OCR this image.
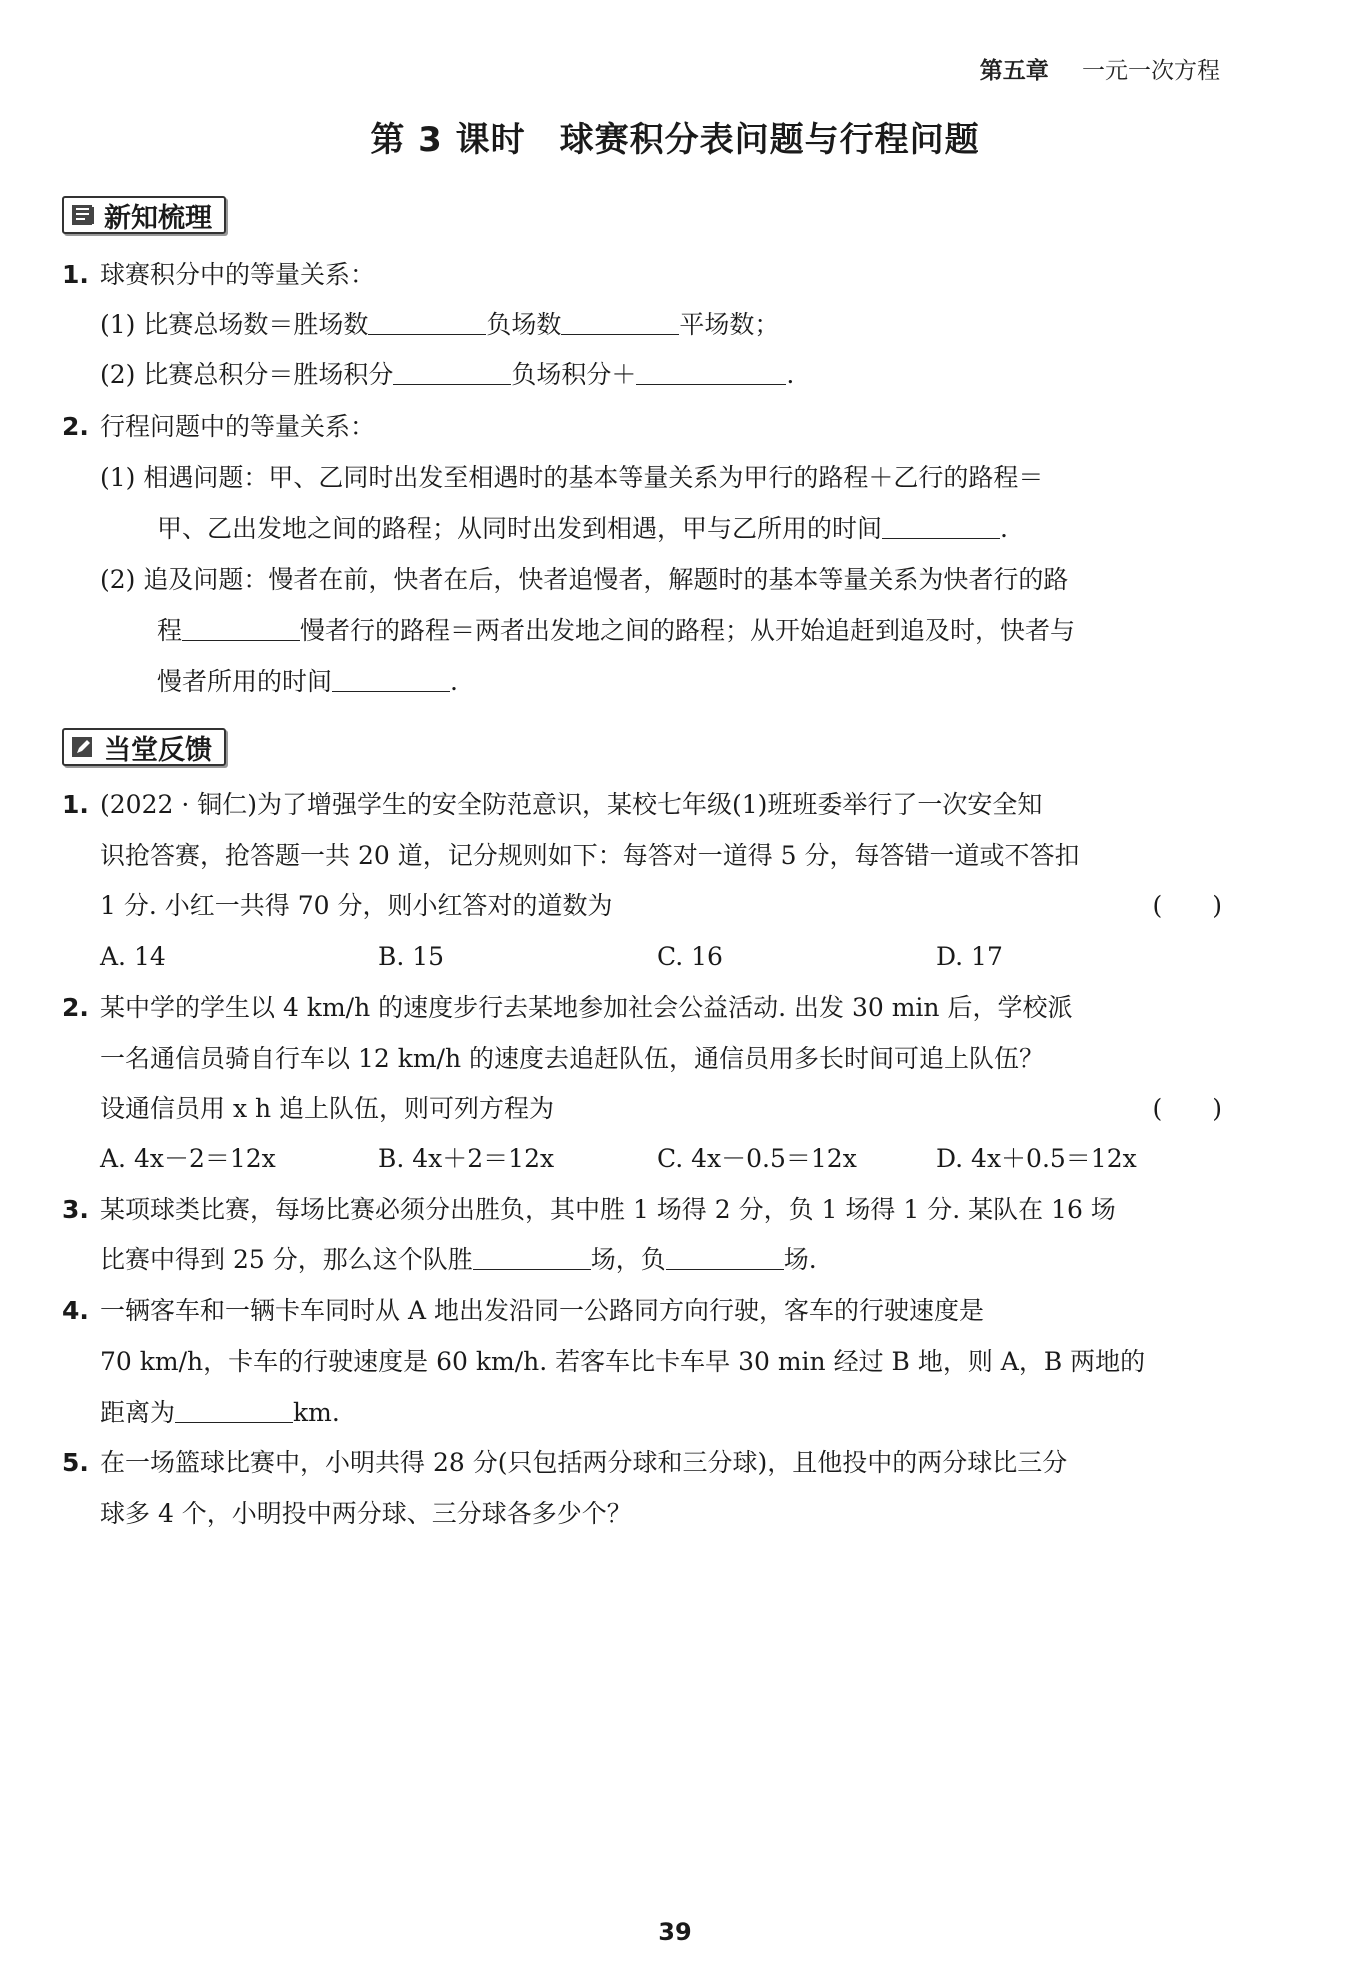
第五章 一元一次方程
第 3 课时 球赛积分表问题与行程问题
新知梳理
1. 球赛积分中的等量关系：
(1) 比赛总场数＝胜场数	负场数	平场数；
(2) 比赛总积分＝胜场积分	负场积分＋	.
2. 行程问题中的等量关系：
(1) 相遇问题：甲、乙同时出发至相遇时的基本等量关系为甲行的路程＋乙行的路程＝
甲、乙出发地之间的路程；从同时出发到相遇，甲与乙所用的时间	.
(2) 追及问题：慢者在前，快者在后，快者追慢者，解题时的基本等量关系为快者行的路
程	慢者行的路程＝两者出发地之间的路程；从开始追赶到追及时，快者与
慢者所用的时间	.
当堂反馈
1. (2022 · 铜仁)为了增强学生的安全防范意识，某校七年级(1)班班委举行了一次安全知
识抢答赛，抢答题一共 20 道，记分规则如下：每答对一道得 5 分，每答错一道或不答扣
1 分. 小红一共得 70 分，则小红答对的道数为	(　　)
A. 14	B. 15	C. 16	D. 17
2. 某中学的学生以 4 km/h 的速度步行去某地参加社会公益活动. 出发 30 min 后，学校派
一名通信员骑自行车以 12 km/h 的速度去追赶队伍，通信员用多长时间可追上队伍？
设通信员用 x h 追上队伍，则可列方程为	(　　)
A. 4x－2＝12x	B. 4x＋2＝12x	C. 4x－0.5＝12x	D. 4x＋0.5＝12x
3. 某项球类比赛，每场比赛必须分出胜负，其中胜 1 场得 2 分，负 1 场得 1 分. 某队在 16 场
比赛中得到 25 分，那么这个队胜	场，负	场.
4. 一辆客车和一辆卡车同时从 A 地出发沿同一公路同方向行驶，客车的行驶速度是
70 km/h，卡车的行驶速度是 60 km/h. 若客车比卡车早 30 min 经过 B 地，则 A，B 两地的
距离为	km.
5. 在一场篮球比赛中，小明共得 28 分(只包括两分球和三分球)，且他投中的两分球比三分
球多 4 个，小明投中两分球、三分球各多少个？
39
